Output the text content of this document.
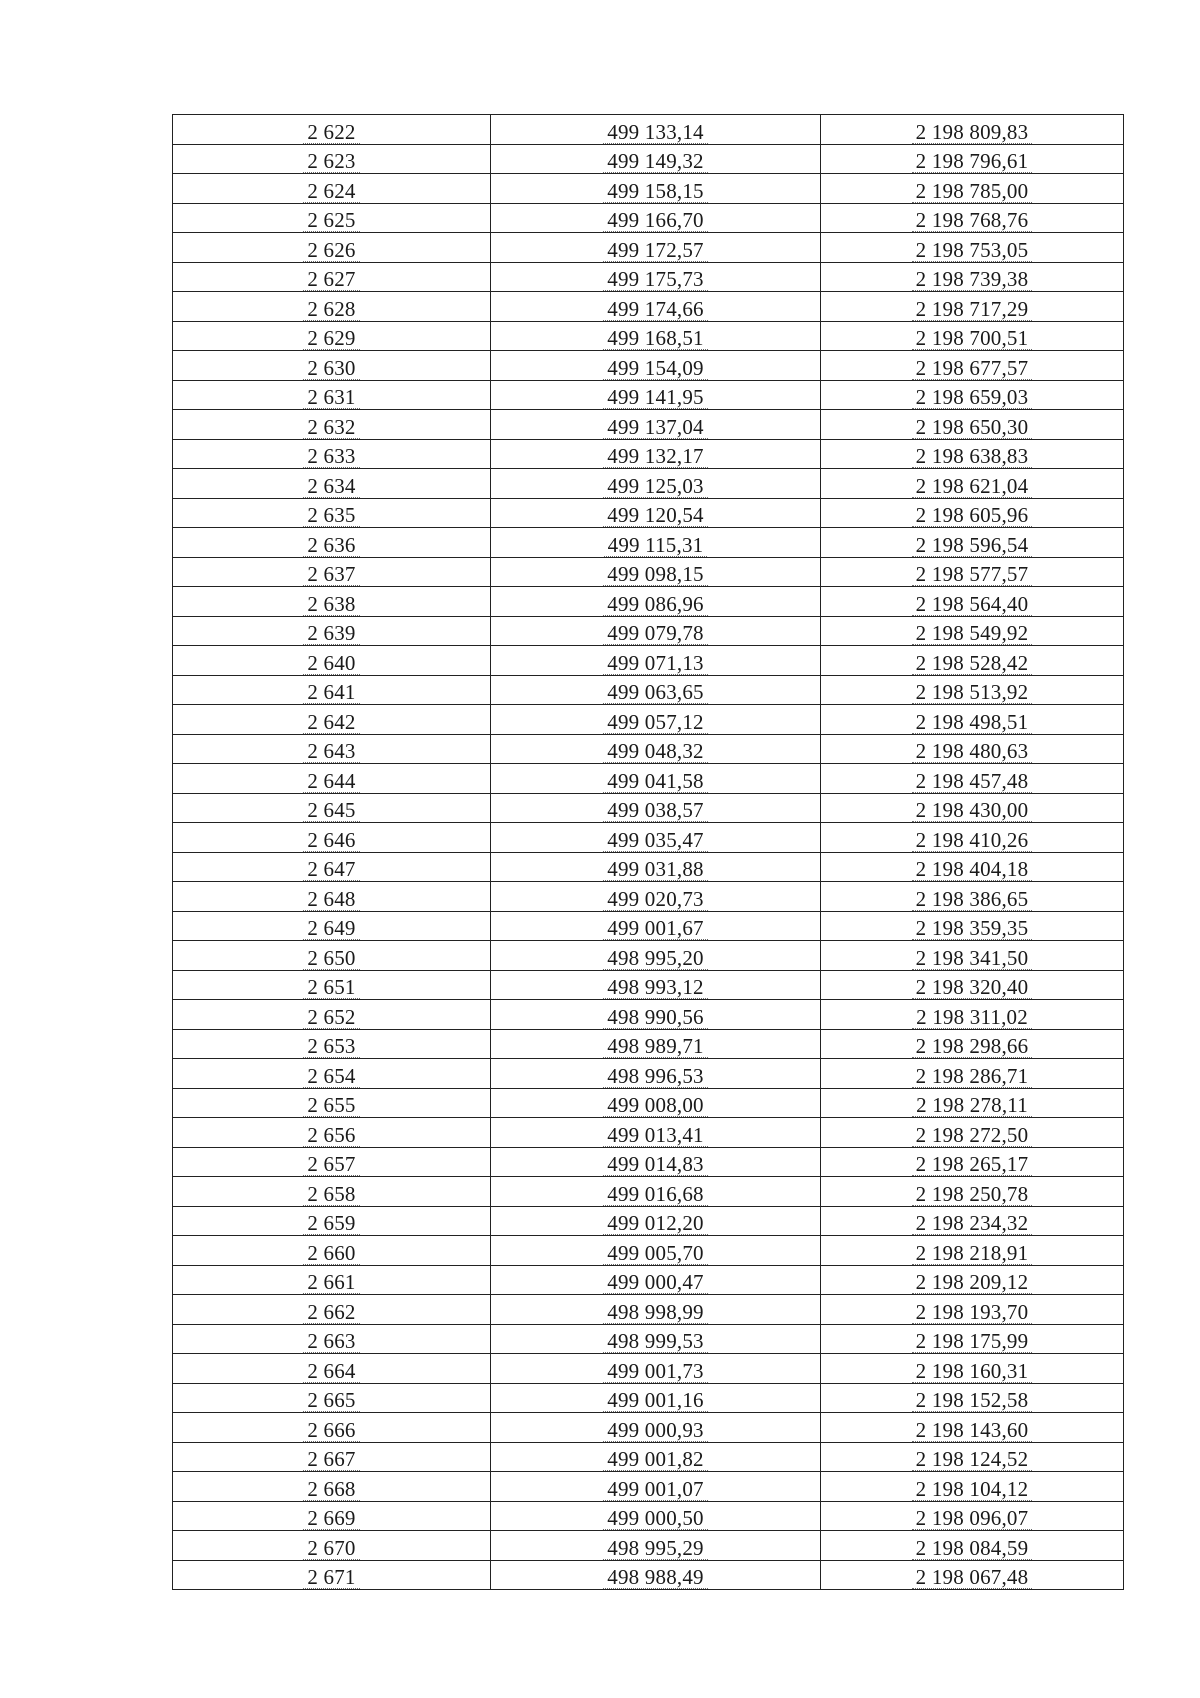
2 622	499 133,14	2 198 809,83
2 623	499 149,32	2 198 796,61
2 624	499 158,15	2 198 785,00
2 625	499 166,70	2 198 768,76
2 626	499 172,57	2 198 753,05
2 627	499 175,73	2 198 739,38
2 628	499 174,66	2 198 717,29
2 629	499 168,51	2 198 700,51
2 630	499 154,09	2 198 677,57
2 631	499 141,95	2 198 659,03
2 632	499 137,04	2 198 650,30
2 633	499 132,17	2 198 638,83
2 634	499 125,03	2 198 621,04
2 635	499 120,54	2 198 605,96
2 636	499 115,31	2 198 596,54
2 637	499 098,15	2 198 577,57
2 638	499 086,96	2 198 564,40
2 639	499 079,78	2 198 549,92
2 640	499 071,13	2 198 528,42
2 641	499 063,65	2 198 513,92
2 642	499 057,12	2 198 498,51
2 643	499 048,32	2 198 480,63
2 644	499 041,58	2 198 457,48
2 645	499 038,57	2 198 430,00
2 646	499 035,47	2 198 410,26
2 647	499 031,88	2 198 404,18
2 648	499 020,73	2 198 386,65
2 649	499 001,67	2 198 359,35
2 650	498 995,20	2 198 341,50
2 651	498 993,12	2 198 320,40
2 652	498 990,56	2 198 311,02
2 653	498 989,71	2 198 298,66
2 654	498 996,53	2 198 286,71
2 655	499 008,00	2 198 278,11
2 656	499 013,41	2 198 272,50
2 657	499 014,83	2 198 265,17
2 658	499 016,68	2 198 250,78
2 659	499 012,20	2 198 234,32
2 660	499 005,70	2 198 218,91
2 661	499 000,47	2 198 209,12
2 662	498 998,99	2 198 193,70
2 663	498 999,53	2 198 175,99
2 664	499 001,73	2 198 160,31
2 665	499 001,16	2 198 152,58
2 666	499 000,93	2 198 143,60
2 667	499 001,82	2 198 124,52
2 668	499 001,07	2 198 104,12
2 669	499 000,50	2 198 096,07
2 670	498 995,29	2 198 084,59
2 671	498 988,49	2 198 067,48
